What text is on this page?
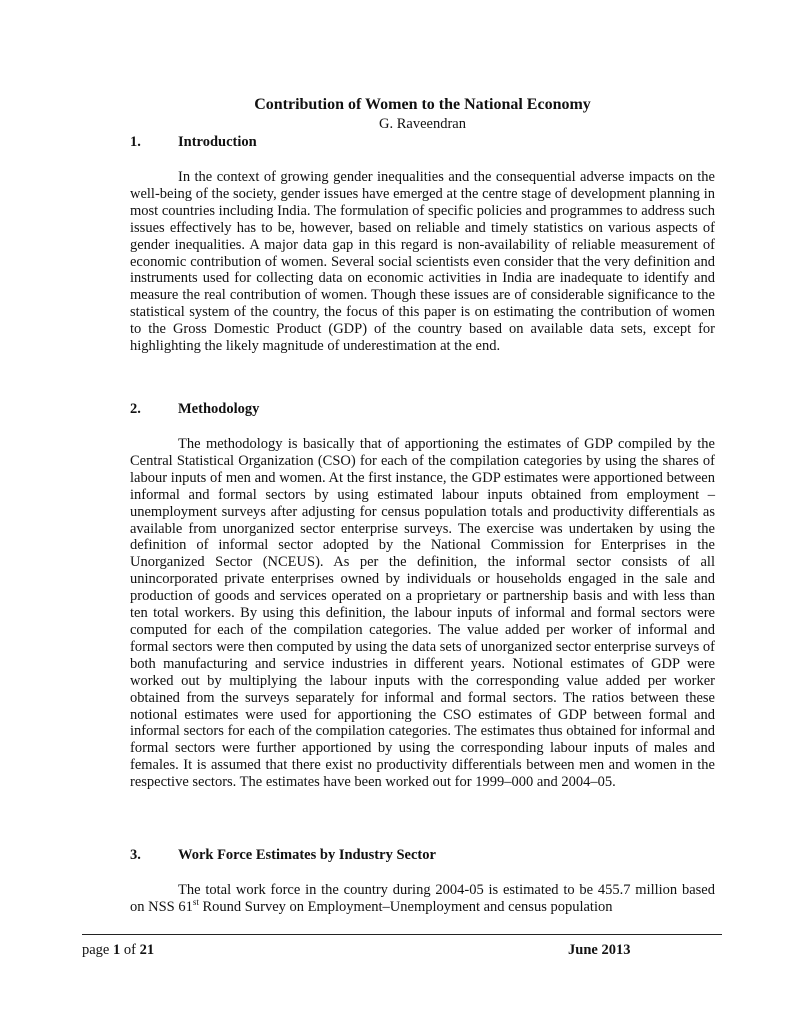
Contribution of Women to the National Economy

G. Raveendran

1.	Introduction

In the context of growing gender inequalities and the consequential adverse impacts on the well-being of the society, gender issues have emerged at the centre stage of development planning in most countries including India. The formulation of specific policies and programmes to address such issues effectively has to be, however, based on reliable and timely statistics on various aspects of gender inequalities. A major data gap in this regard is non-availability of reliable measurement of economic contribution of women. Several social scientists even consider that the very definition and instruments used for collecting data on economic activities in India are inadequate to identify and measure the real contribution of women. Though these issues are of considerable significance to the statistical system of the country, the focus of this paper is on estimating the contribution of women to the Gross Domestic Product (GDP) of the country based on available data sets, except for highlighting the likely magnitude of underestimation at the end.

2.	Methodology

The methodology is basically that of apportioning the estimates of GDP compiled by the Central Statistical Organization (CSO) for each of the compilation categories by using the shares of labour inputs of men and women. At the first instance, the GDP estimates were apportioned between informal and formal sectors by using estimated labour inputs obtained from employment – unemployment surveys after adjusting for census population totals and productivity differentials as available from unorganized sector enterprise surveys. The exercise was undertaken by using the definition of informal sector adopted by the National Commission for Enterprises in the Unorganized Sector (NCEUS). As per the definition, the informal sector consists of all unincorporated private enterprises owned by individuals or households engaged in the sale and production of goods and services operated on a proprietary or partnership basis and with less than ten total workers. By using this definition, the labour inputs of informal and formal sectors were computed for each of the compilation categories. The value added per worker of informal and formal sectors were then computed by using the data sets of unorganized sector enterprise surveys of both manufacturing and service industries in different years. Notional estimates of GDP were worked out by multiplying the labour inputs with the corresponding value added per worker obtained from the surveys separately for informal and formal sectors. The ratios between these notional estimates were used for apportioning the CSO estimates of GDP between formal and informal sectors for each of the compilation categories. The estimates thus obtained for informal and formal sectors were further apportioned by using the corresponding labour inputs of males and females. It is assumed that there exist no productivity differentials between men and women in the respective sectors. The estimates have been worked out for 1999–000 and 2004–05.

3.	Work Force Estimates by Industry Sector

The total work force in the country during 2004-05 is estimated to be 455.7 million based on NSS 61st Round Survey on Employment–Unemployment and census population

page 1 of 21	June 2013
